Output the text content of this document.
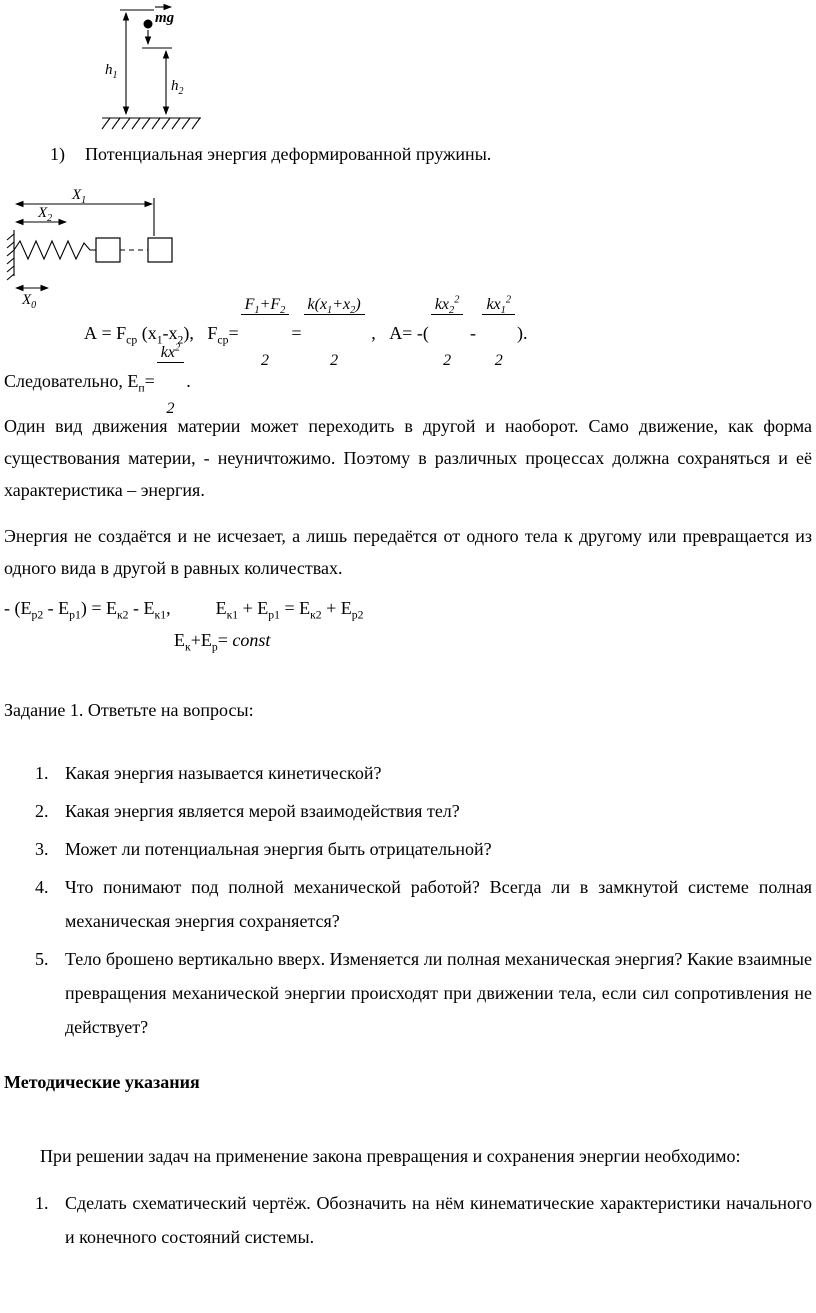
mg
$h_1$
$h_2$
1) Потенциальная энергия деформированной пружины.
$X_1$
$X_2$
$X_0$
$А = F_{ср}$ $(x_1-x_2)$,   $F_{ср}=$

$\frac{F_1+F_2}{2}$

=

$\frac{k(x_1+x_2)}{2}$

,   А= -(

$\frac{kx_2^2}{2}$

-

$\frac{kx_1^2}{2}$

).
Следовательно, $Е_п=$

$\frac{kx^2}{2}$

.
Один вид движения материи может переходить в другой и наоборот. Само движение, как форма существования материи, - неуничтожимо. Поэтому в различных процессах должна сохраняться и её характеристика – энергия.
Энергия не создаётся и не исчезает, а лишь передаётся от одного тела к другому или превращается из одного вида в другой в равных количествах.
- $(Е_{р2} - Е_{р1}) = Е_{к2} - Е_{к1}$,          $Е_{к1} + Е_{р1} = Е_{к2} + Е_{р2}$
$Е_к+Е_р=$ const
Задание 1. Ответьте на вопросы:
1. Какая энергия называется кинетической?
2. Какая энергия является мерой взаимодействия тел?
3. Может ли потенциальная энергия быть отрицательной?
4. Что понимают под полной механической работой? Всегда ли в замкнутой системе полная механическая энергия сохраняется?
5. Тело брошено вертикально вверх. Изменяется ли полная механическая энергия? Какие взаимные превращения механической энергии происходят при движении тела, если сил сопротивления не действует?
Методические указания
При решении задач на применение закона превращения и сохранения энергии необходимо:
1. Сделать схематический чертёж. Обозначить на нём кинематические характеристики начального и конечного состояний системы.
